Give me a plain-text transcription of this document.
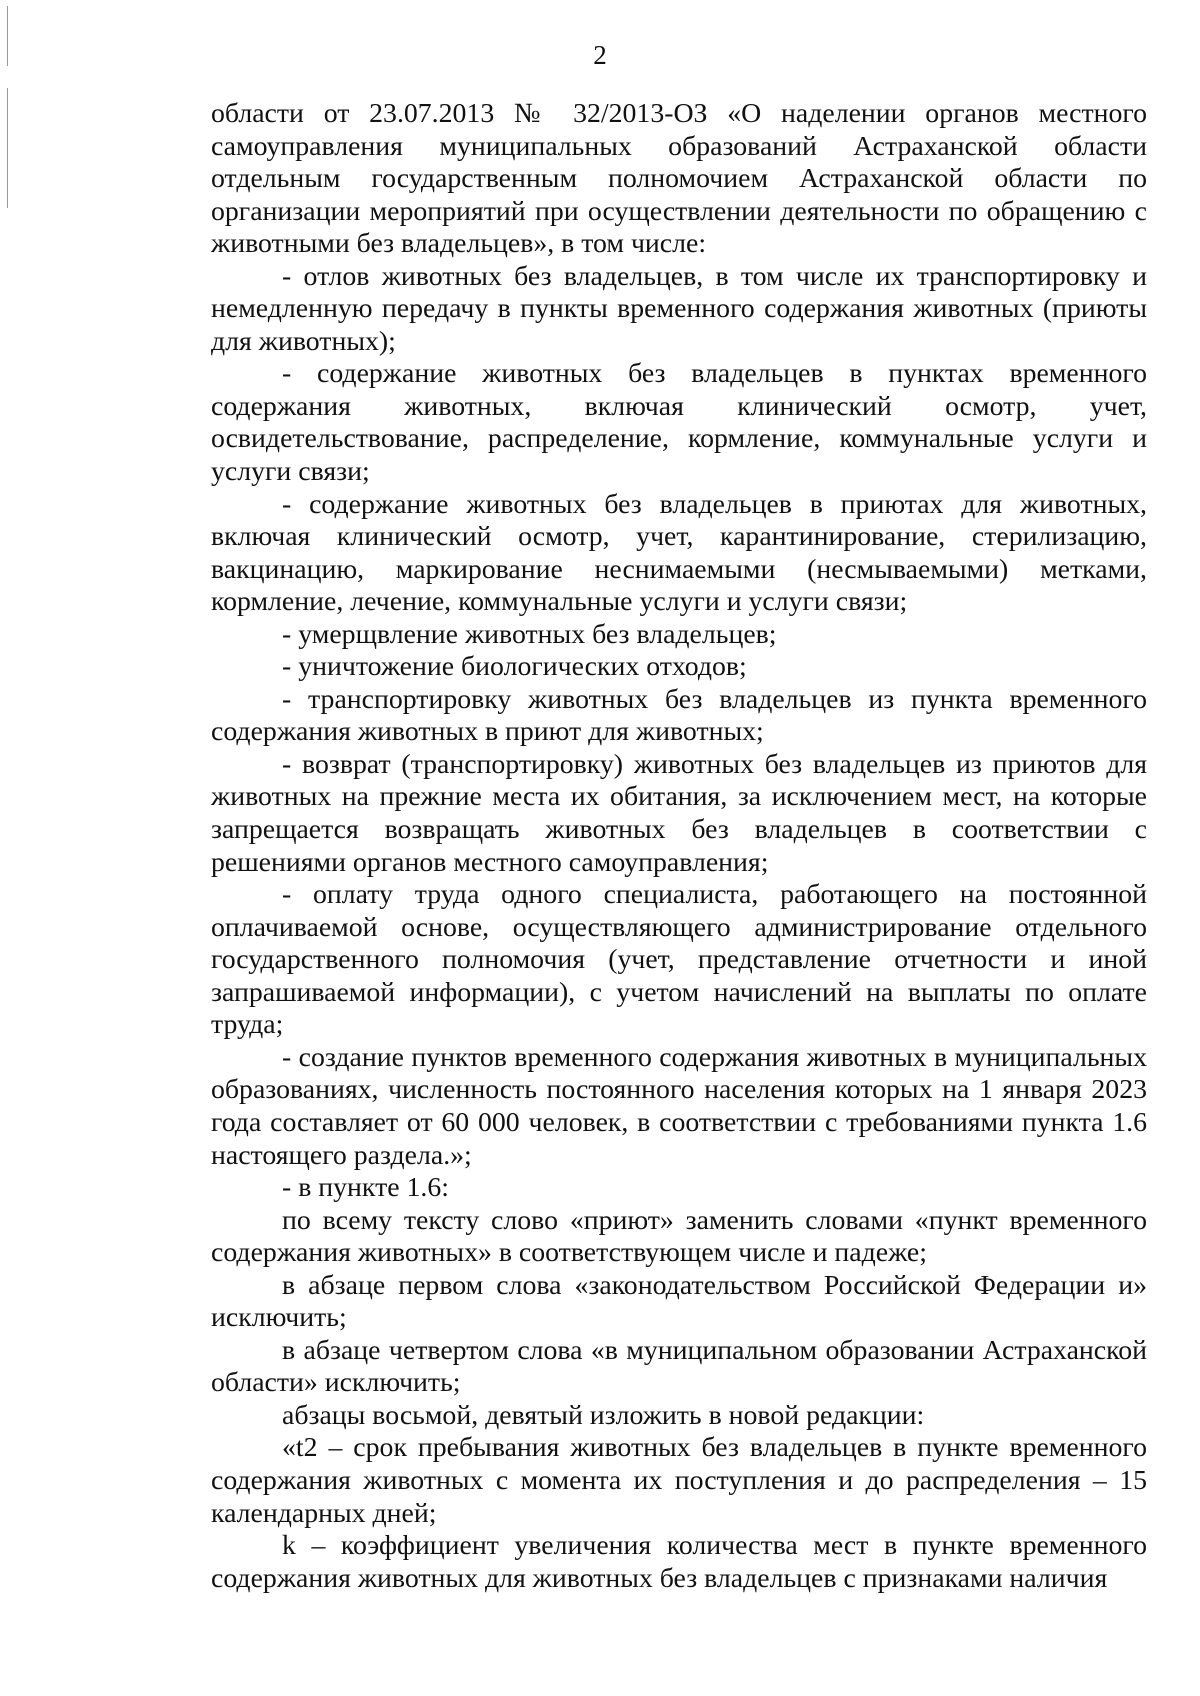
2

области от 23.07.2013 № 32/2013-ОЗ «О наделении органов местного самоуправления муниципальных образований Астраханской области отдельным государственным полномочием Астраханской области по организации мероприятий при осуществлении деятельности по обращению с животными без владельцев», в том числе:

- отлов животных без владельцев, в том числе их транспортировку и немедленную передачу в пункты временного содержания животных (приюты для животных);

- содержание животных без владельцев в пунктах временного содержания животных, включая клинический осмотр, учет, освидетельствование, распределение, кормление, коммунальные услуги и услуги связи;

- содержание животных без владельцев в приютах для животных, включая клинический осмотр, учет, карантинирование, стерилизацию, вакцинацию, маркирование неснимаемыми (несмываемыми) метками, кормление, лечение, коммунальные услуги и услуги связи;

- умерщвление животных без владельцев;

- уничтожение биологических отходов;

- транспортировку животных без владельцев из пункта временного содержания животных в приют для животных;

- возврат (транспортировку) животных без владельцев из приютов для животных на прежние места их обитания, за исключением мест, на которые запрещается возвращать животных без владельцев в соответствии с решениями органов местного самоуправления;

- оплату труда одного специалиста, работающего на постоянной оплачиваемой основе, осуществляющего администрирование отдельного государственного полномочия (учет, представление отчетности и иной запрашиваемой информации), с учетом начислений на выплаты по оплате труда;

- создание пунктов временного содержания животных в муниципальных образованиях, численность постоянного населения которых на 1 января 2023 года составляет от 60 000 человек, в соответствии с требованиями пункта 1.6 настоящего раздела.»;

- в пункте 1.6:

по всему тексту слово «приют» заменить словами «пункт временного содержания животных» в соответствующем числе и падеже;

в абзаце первом слова «законодательством Российской Федерации и» исключить;

в абзаце четвертом слова «в муниципальном образовании Астраханской области» исключить;

абзацы восьмой, девятый изложить в новой редакции:

«t2 – срок пребывания животных без владельцев в пункте временного содержания животных с момента их поступления и до распределения – 15 календарных дней;

k – коэффициент увеличения количества мест в пункте временного содержания животных для животных без владельцев с признаками наличия
